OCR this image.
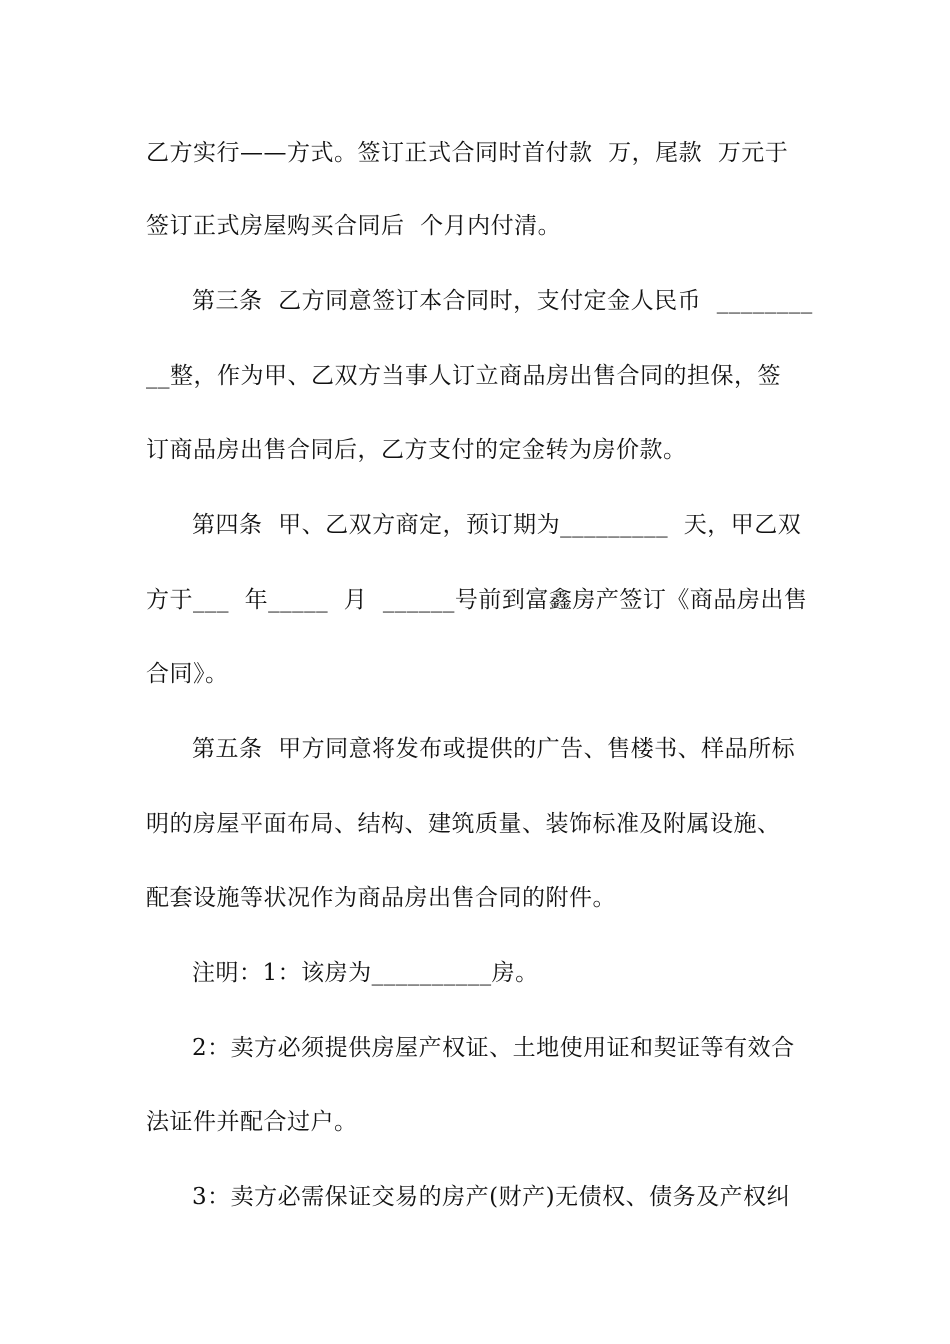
乙方实行——方式。签订正式合同时首付款  万，尾款  万元于
签订正式房屋购买合同后  个月内付清。
第三条  乙方同意签订本合同时，支付定金人民币  ________
__整，作为甲、乙双方当事人订立商品房出售合同的担保，签
订商品房出售合同后，乙方支付的定金转为房价款。
第四条  甲、乙双方商定，预订期为_________  天，甲乙双
方于___  年_____  月  ______号前到富鑫房产签订《商品房出售
合同》。
第五条  甲方同意将发布或提供的广告、售楼书、样品所标
明的房屋平面布局、结构、建筑质量、装饰标准及附属设施、
配套设施等状况作为商品房出售合同的附件。
注明：1：该房为__________房。
2：卖方必须提供房屋产权证、土地使用证和契证等有效合
法证件并配合过户。
3：卖方必需保证交易的房产(财产)无债权、债务及产权纠
